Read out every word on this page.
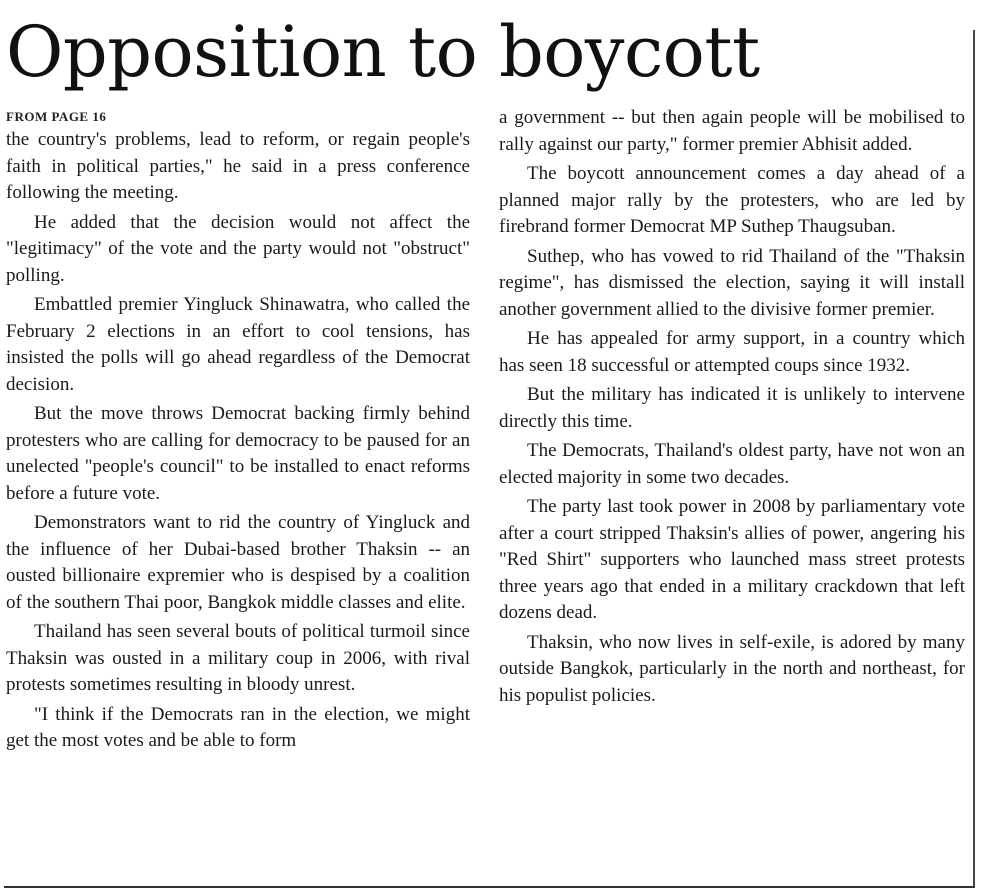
Opposition to boycott
FROM PAGE 16

the country's problems, lead to reform, or regain people's faith in political parties," he said in a press conference following the meeting.

He added that the decision would not affect the "legitimacy" of the vote and the party would not "obstruct" polling.

Embattled premier Yingluck Shinawatra, who called the February 2 elections in an effort to cool tensions, has insisted the polls will go ahead regardless of the Democrat decision.

But the move throws Democrat backing firmly behind protesters who are calling for democracy to be paused for an unelected "people's council" to be installed to enact reforms before a future vote.

Demonstrators want to rid the country of Yingluck and the influence of her Dubai-based brother Thaksin -- an ousted billionaire expremier who is despised by a coalition of the southern Thai poor, Bangkok middle classes and elite.

Thailand has seen several bouts of political turmoil since Thaksin was ousted in a military coup in 2006, with rival protests sometimes resulting in bloody unrest.

"I think if the Democrats ran in the election, we might get the most votes and be able to form

a government -- but then again people will be mobilised to rally against our party," former premier Abhisit added.

The boycott announcement comes a day ahead of a planned major rally by the protesters, who are led by firebrand former Democrat MP Suthep Thaugsuban.

Suthep, who has vowed to rid Thailand of the "Thaksin regime", has dismissed the election, saying it will install another government allied to the divisive former premier.

He has appealed for army support, in a country which has seen 18 successful or attempted coups since 1932.

But the military has indicated it is unlikely to intervene directly this time.

The Democrats, Thailand's oldest party, have not won an elected majority in some two decades.

The party last took power in 2008 by parliamentary vote after a court stripped Thaksin's allies of power, angering his "Red Shirt" supporters who launched mass street protests three years ago that ended in a military crackdown that left dozens dead.

Thaksin, who now lives in self-exile, is adored by many outside Bangkok, particularly in the north and northeast, for his populist policies.
